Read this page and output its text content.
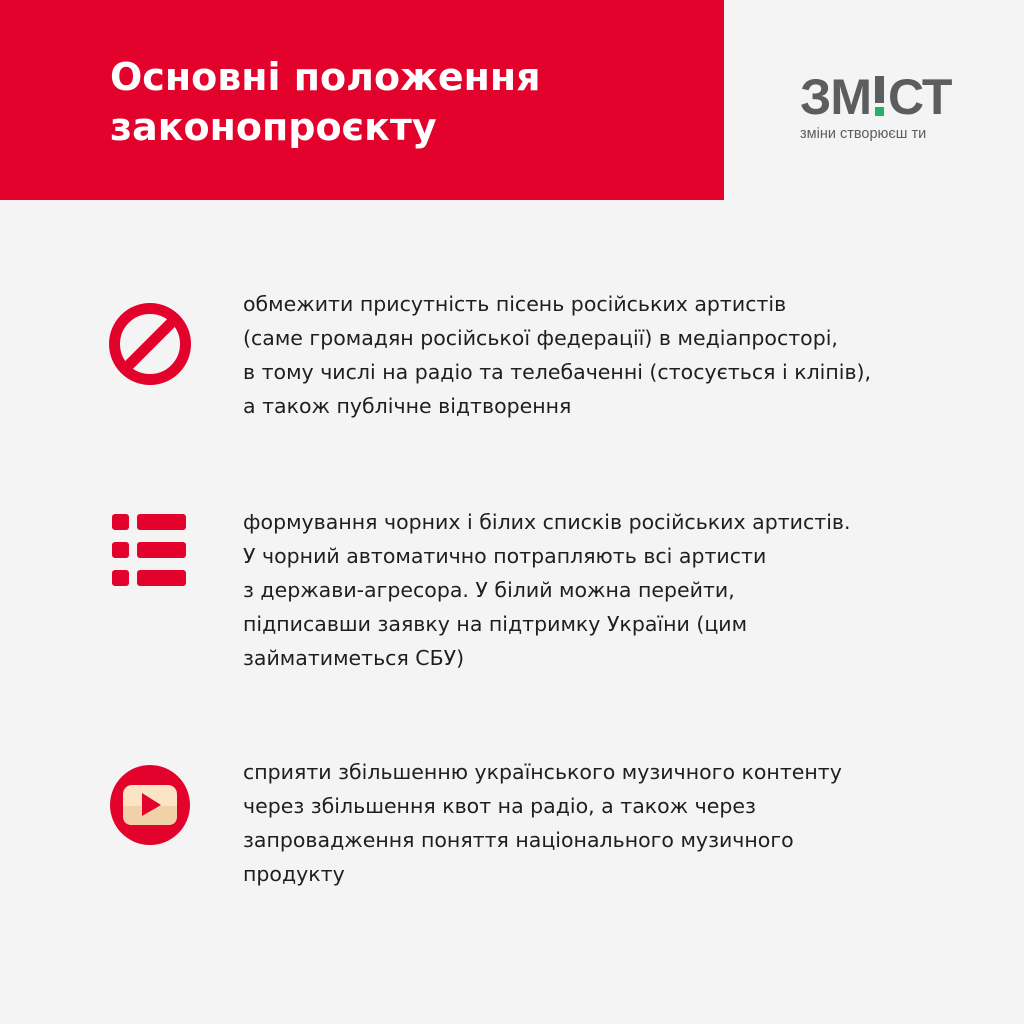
Основні положення
законопроєкту
ЗМ СТ
зміни створюєш ти

обмежити присутність пісень російських артистів
(саме громадян російської федерації) в медіапросторі,
в тому числі на радіо та телебаченні (стосується і кліпів),
а також публічне відтворення

формування чорних і білих списків російських артистів.
У чорний автоматично потрапляють всі артисти
з держави-агресора. У білий можна перейти,
підписавши заявку на підтримку України (цим
займатиметься СБУ)

сприяти збільшенню українського музичного контенту
через збільшення квот на радіо, а також через
запровадження поняття національного музичного
продукту
